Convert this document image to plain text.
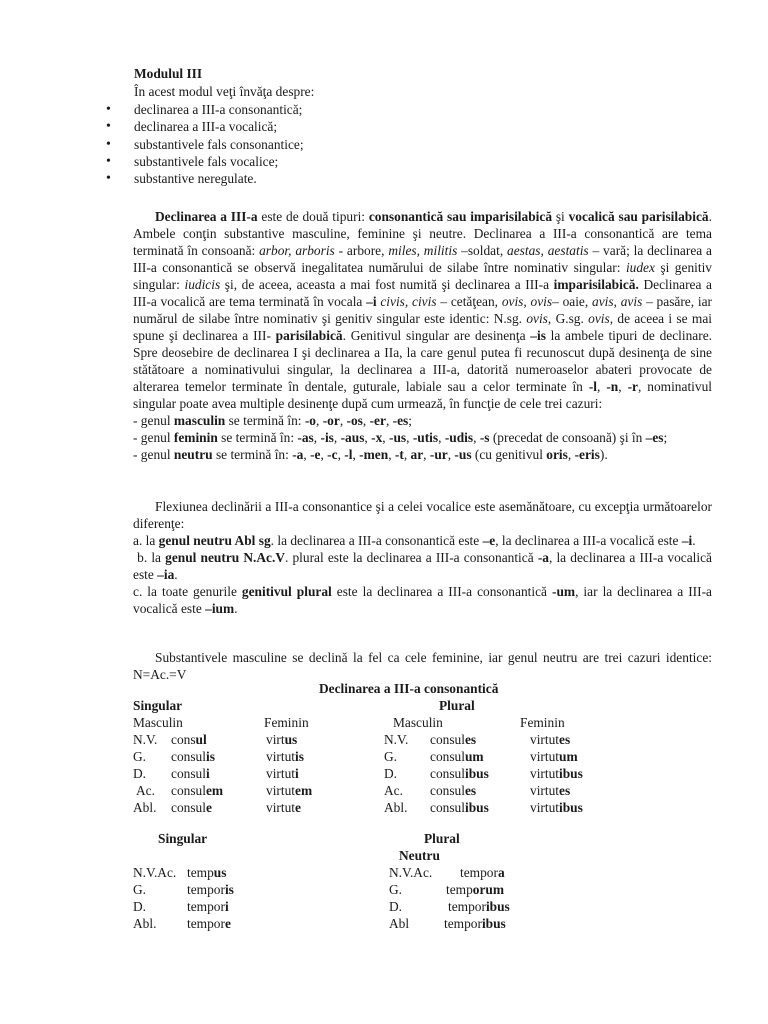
Modulul III
În acest modul veţi învăţa despre:
• declinarea a III-a consonantică;
• declinarea a III-a vocalică;
• substantivele fals consonantice;
• substantivele fals vocalice;
• substantive neregulate.

Declinarea a III-a este de două tipuri: consonantică sau imparisilabică şi vocalică sau parisilabică. Ambele conţin substantive masculine, feminine şi neutre. Declinarea a III-a consonantică are tema terminată în consoană: arbor, arboris - arbore, miles, militis –soldat, aestas, aestatis – vară; la declinarea a III-a consonantică se observă inegalitatea numărului de silabe între nominativ singular: iudex şi genitiv singular: iudicis şi, de aceea, aceasta a mai fost numită şi declinarea a III-a imparisilabică. Declinarea a III-a vocalică are tema terminată în vocala –i civis, civis – cetăţean, ovis, ovis– oaie, avis, avis – pasăre, iar numărul de silabe între nominativ şi genitiv singular este identic: N.sg. ovis, G.sg. ovis, de aceea i se mai spune şi declinarea a III- parisilabică. Genitivul singular are desinenţa –is la ambele tipuri de declinare. Spre deosebire de declinarea I şi declinarea a IIa, la care genul putea fi recunoscut după desinenţa de sine stătătoare a nominativului singular, la declinarea a III-a, datorită numeroaselor abateri provocate de alterarea temelor terminate în dentale, guturale, labiale sau a celor terminate în -l, -n, -r, nominativul singular poate avea multiple desinenţe după cum urmează, în funcţie de cele trei cazuri:
- genul masculin se termină în: -o, -or, -os, -er, -es;
- genul feminin se termină în: -as, -is, -aus, -x, -us, -utis, -udis, -s (precedat de consoană) şi în –es;
- genul neutru se termină în: -a, -e, -c, -l, -men, -t, ar, -ur, -us (cu genitivul oris, -eris).

Flexiunea declinării a III-a consonantice şi a celei vocalice este asemănătoare, cu excepţia următoarelor diferenţe:
a. la genul neutru Abl sg. la declinarea a III-a consonantică este –e, la declinarea a III-a vocalică este –i.
b. la genul neutru N.Ac.V. plural este la declinarea a III-a consonantică -a, la declinarea a III-a vocalică este –ia.
c. la toate genurile genitivul plural este la declinarea a III-a consonantică -um, iar la declinarea a III-a vocalică este –ium.

Substantivele masculine se declină la fel ca cele feminine, iar genul neutru are trei cazuri identice: N=Ac.=V

Declinarea a III-a consonantică
Singular	Plural
Masculin	Feminin	Masculin	Feminin
N.V. consul	virtus	N.V. consules	virtutes
G. consulis	virtutis	G. consulum	virtutum
D. consuli	virtuti	D. consulibus	virtutibus
Ac. consulem	virtutem	Ac. consules	virtutes
Abl. consule	virtute	Abl. consulibus	virtutibus
Singular	Plural
Neutru
N.V.Ac. tempus	N.V.Ac. tempora
G.	temporis	G.	temporum
D.	tempori	D.	temporibus
Abl. tempore	Abl	temporibus
